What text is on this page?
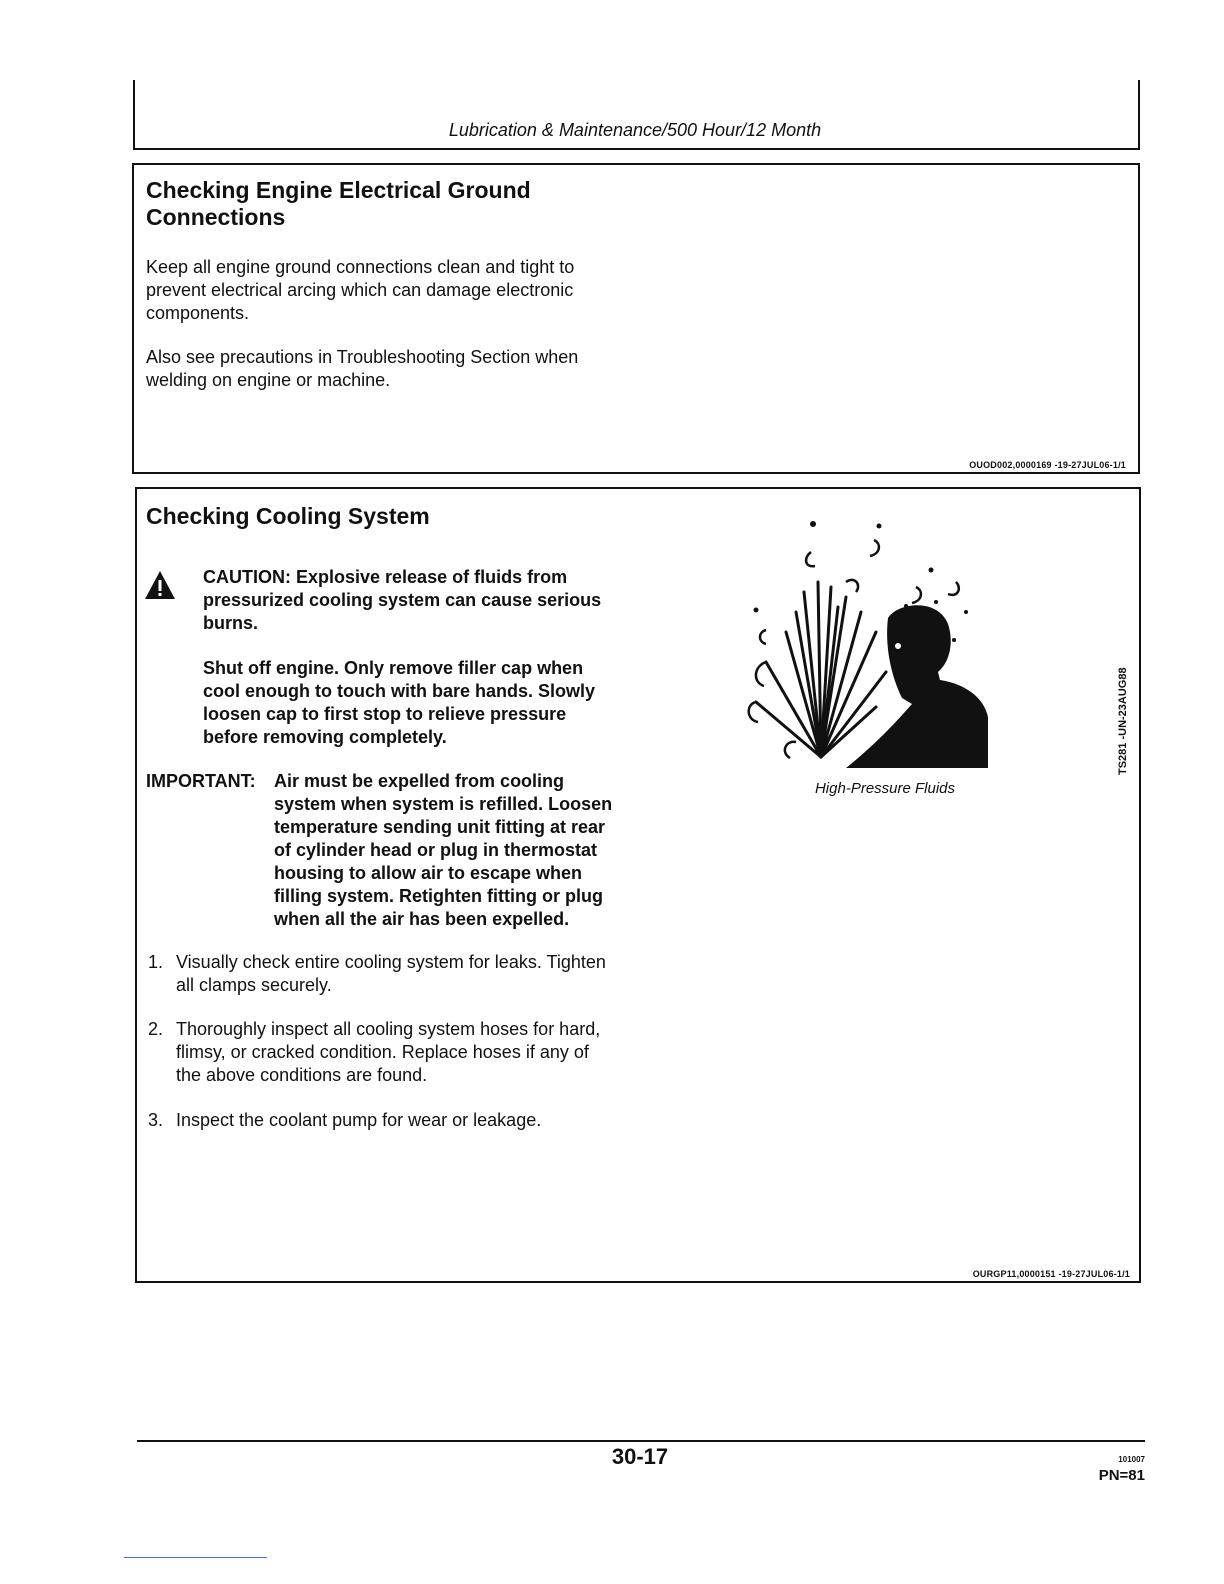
Lubrication & Maintenance/500 Hour/12 Month
Checking Engine Electrical Ground
Connections

Keep all engine ground connections clean and tight to

prevent electrical arcing which can damage electronic

components.

Also see precautions in Troubleshooting Section when

welding on engine or machine.

OUOD002,0000169 -19-27JUL06-1/1
Checking Cooling System

CAUTION: Explosive release of fluids from

pressurized cooling system can cause serious

burns.

Shut off engine. Only remove filler cap when

cool enough to touch with bare hands. Slowly

loosen cap to first stop to relieve pressure

before removing completely.

IMPORTANT: Air must be expelled from cooling

system when system is refilled. Loosen

temperature sending unit fitting at rear

of cylinder head or plug in thermostat

housing to allow air to escape when

filling system. Retighten fitting or plug

when all the air has been expelled.

1. Visually check entire cooling system for leaks. Tighten

all clamps securely.

2. Thoroughly inspect all cooling system hoses for hard,

flimsy, or cracked condition. Replace hoses if any of

the above conditions are found.

3. Inspect the coolant pump for wear or leakage.

High-Pressure Fluids
TS281 -UN-23AUG88
OURGP11,0000151 -19-27JUL06-1/1
30-17	101007
PN=81
